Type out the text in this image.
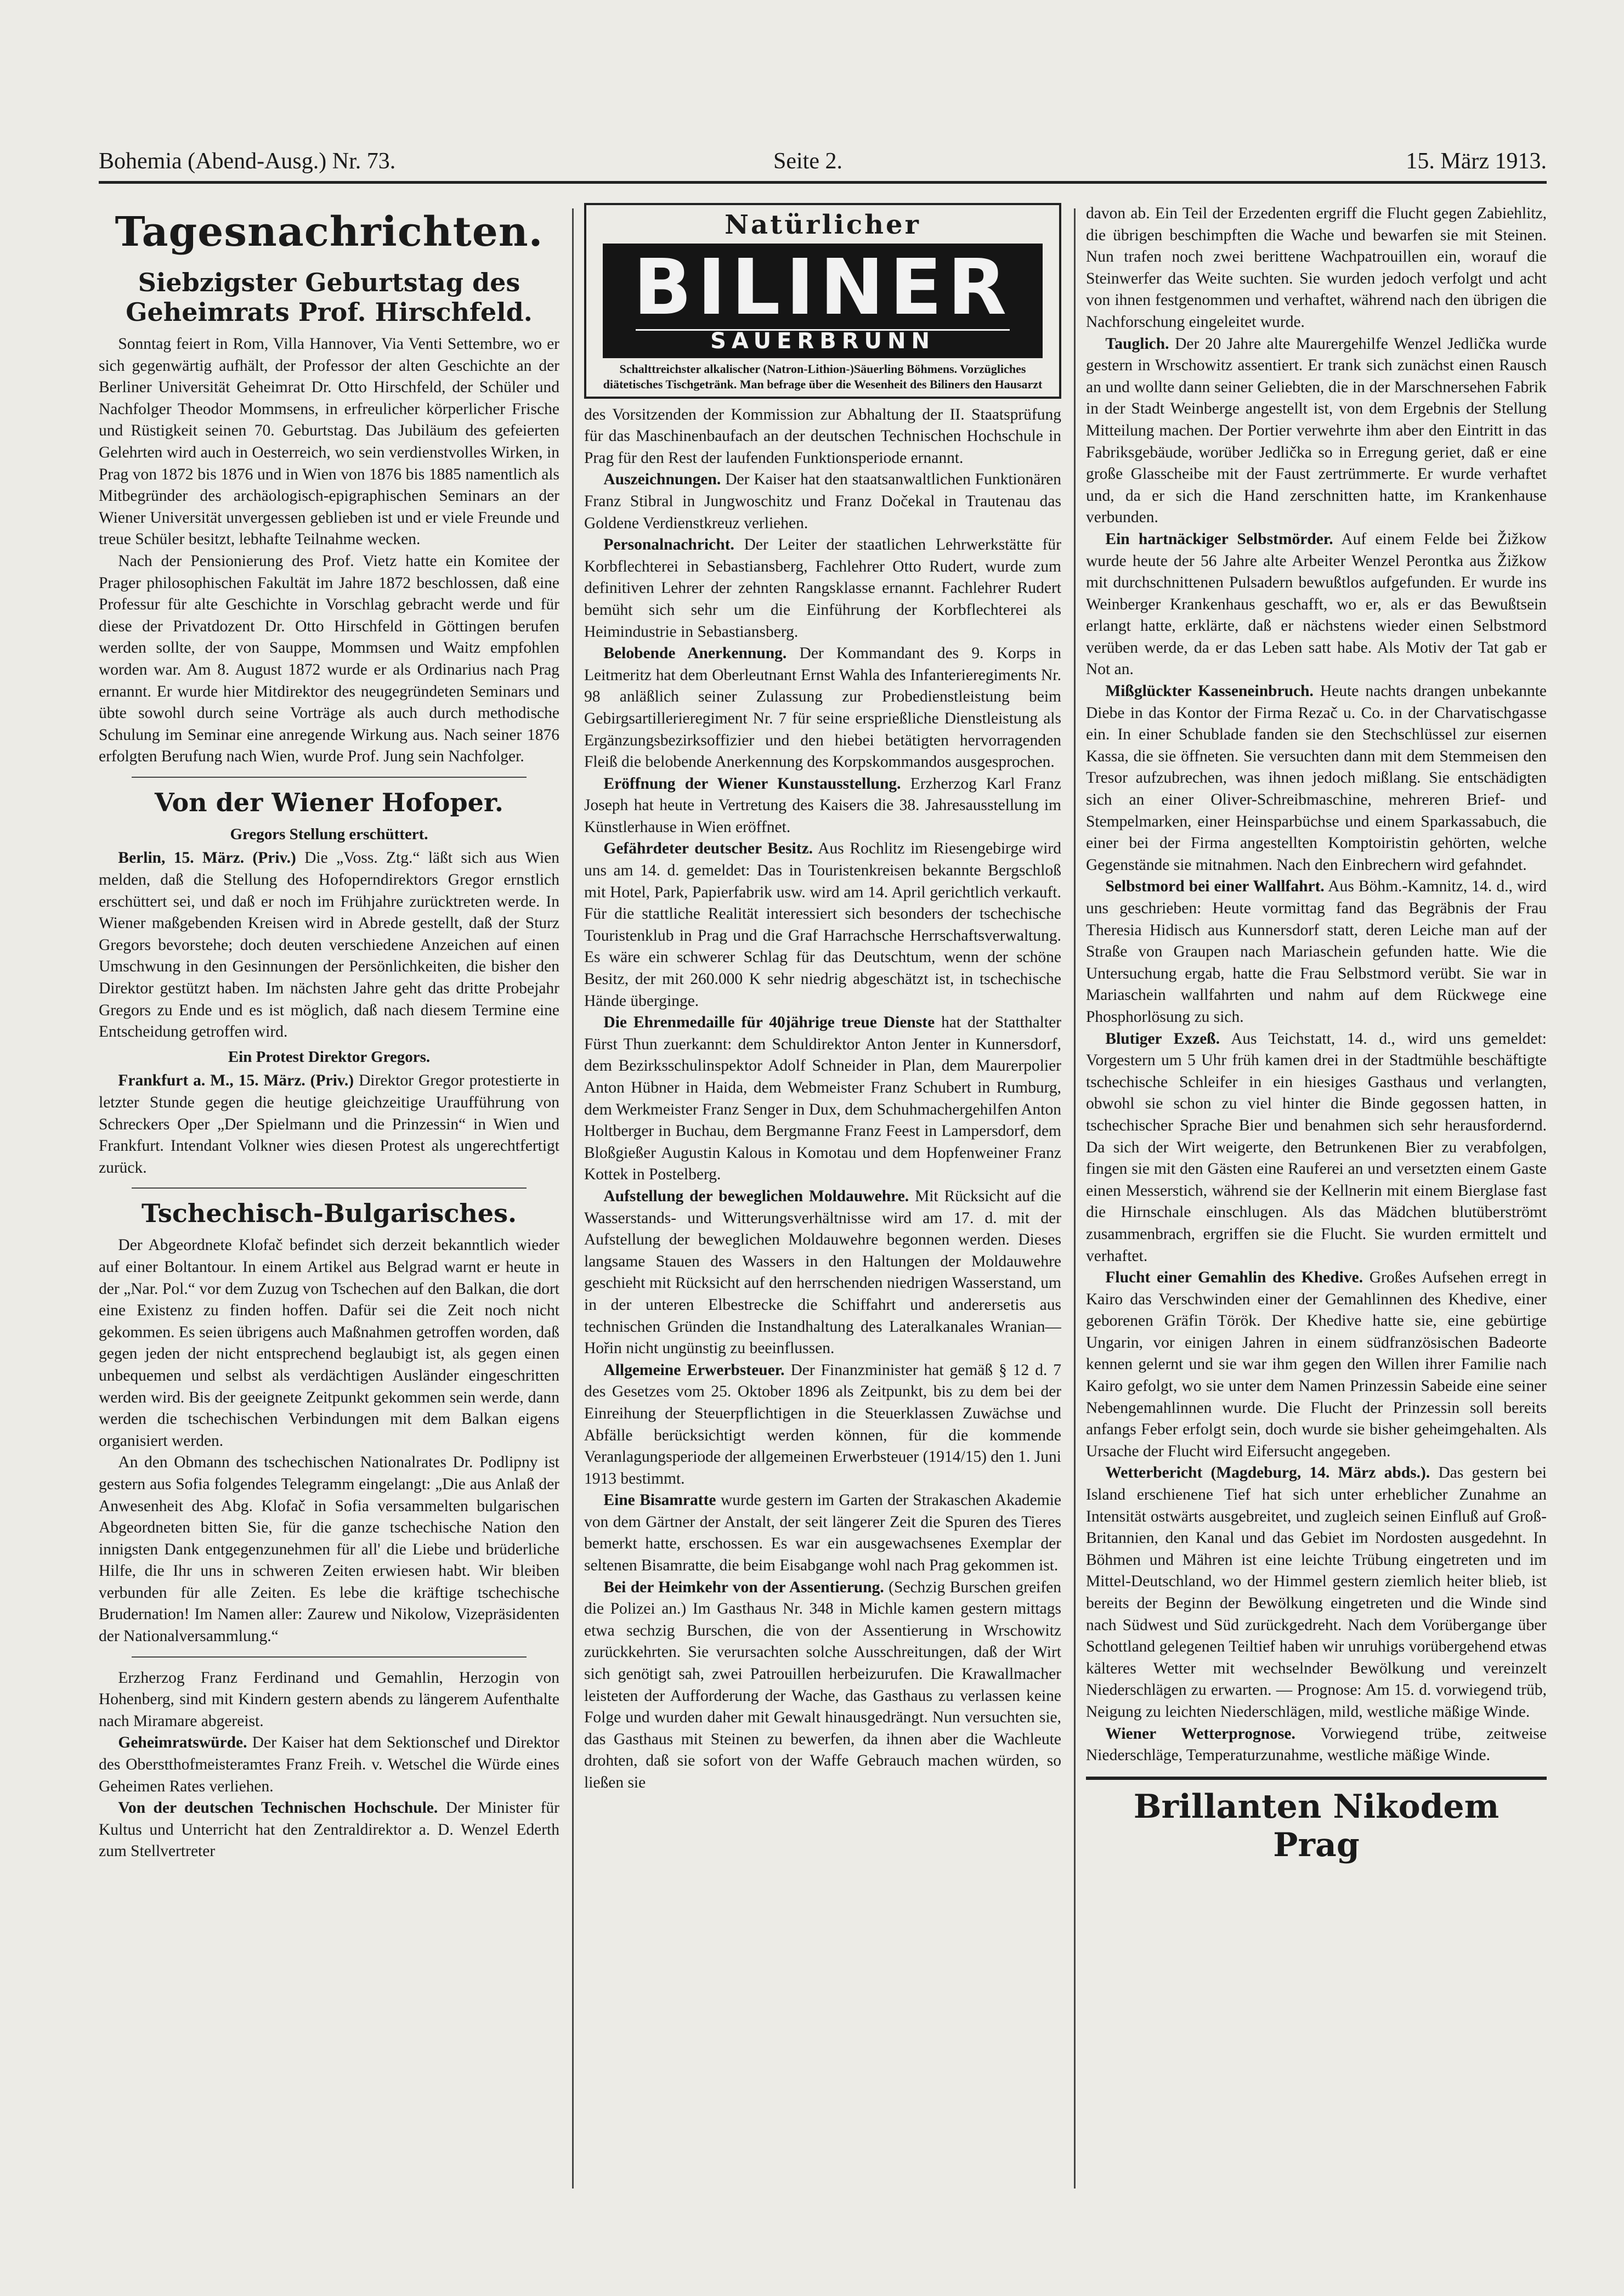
Bohemia (Abend-Ausg.) Nr. 73.	Seite 2.	15. März 1913.
Tagesnachrichten.
Siebzigster Geburtstag des Geheimrats Prof. Hirschfeld.

Sonntag feiert in Rom, Villa Hannover, Via Venti Settembre, wo er sich gegenwärtig aufhält, der Professor der alten Geschichte an der Berliner Universität Geheimrat Dr. Otto Hirschfeld, der Schüler und Nachfolger Theodor Mommsens, in erfreulicher körperlicher Frische und Rüstigkeit seinen 70. Geburtstag. Das Jubiläum des gefeierten Gelehrten wird auch in Oesterreich, wo sein verdienstvolles Wirken, in Prag von 1872 bis 1876 und in Wien von 1876 bis 1885 namentlich als Mitbegründer des archäologisch-epigraphischen Seminars an der Wiener Universität unvergessen geblieben ist und er viele Freunde und treue Schüler besitzt, lebhafte Teilnahme wecken.

Nach der Pensionierung des Prof. Vietz hatte ein Komitee der Prager philosophischen Fakultät im Jahre 1872 beschlossen, daß eine Professur für alte Geschichte in Vorschlag gebracht werde und für diese der Privatdozent Dr. Otto Hirschfeld in Göttingen berufen werden sollte, der von Sauppe, Mommsen und Waitz empfohlen worden war. Am 8. August 1872 wurde er als Ordinarius nach Prag ernannt. Er wurde hier Mitdirektor des neugegründeten Seminars und übte sowohl durch seine Vorträge als auch durch methodische Schulung im Seminar eine anregende Wirkung aus. Nach seiner 1876 erfolgten Berufung nach Wien, wurde Prof. Jung sein Nachfolger.

Von der Wiener Hofoper.
Gregors Stellung erschüttert.

Berlin, 15. März. (Priv.) Die „Voss. Ztg.“ läßt sich aus Wien melden, daß die Stellung des Hofoperndirektors Gregor ernstlich erschüttert sei, und daß er noch im Frühjahre zurücktreten werde. In Wiener maßgebenden Kreisen wird in Abrede gestellt, daß der Sturz Gregors bevorstehe; doch deuten verschiedene Anzeichen auf einen Umschwung in den Gesinnungen der Persönlichkeiten, die bisher den Direktor gestützt haben. Im nächsten Jahre geht das dritte Probejahr Gregors zu Ende und es ist möglich, daß nach diesem Termine eine Entscheidung getroffen wird.

Ein Protest Direktor Gregors.

Frankfurt a. M., 15. März. (Priv.) Direktor Gregor protestierte in letzter Stunde gegen die heutige gleichzeitige Uraufführung von Schreckers Oper „Der Spielmann und die Prinzessin“ in Wien und Frankfurt. Intendant Volkner wies diesen Protest als ungerechtfertigt zurück.

Tschechisch-Bulgarisches.

Der Abgeordnete Klofač befindet sich derzeit bekanntlich wieder auf einer Boltantour. In einem Artikel aus Belgrad warnt er heute in der „Nar. Pol.“ vor dem Zuzug von Tschechen auf den Balkan, die dort eine Existenz zu finden hoffen. Dafür sei die Zeit noch nicht gekommen. Es seien übrigens auch Maßnahmen getroffen worden, daß gegen jeden der nicht entsprechend beglaubigt ist, als gegen einen unbequemen und selbst als verdächtigen Ausländer eingeschritten werden wird. Bis der geeignete Zeitpunkt gekommen sein werde, dann werden die tschechischen Verbindungen mit dem Balkan eigens organisiert werden.

An den Obmann des tschechischen Nationalrates Dr. Podlipny ist gestern aus Sofia folgendes Telegramm eingelangt: „Die aus Anlaß der Anwesenheit des Abg. Klofač in Sofia versammelten bulgarischen Abgeordneten bitten Sie, für die ganze tschechische Nation den innigsten Dank entgegenzunehmen für all' die Liebe und brüderliche Hilfe, die Ihr uns in schweren Zeiten erwiesen habt. Wir bleiben verbunden für alle Zeiten. Es lebe die kräftige tschechische Brudernation! Im Namen aller: Zaurew und Nikolow, Vizepräsidenten der Nationalversammlung.“

Erzherzog Franz Ferdinand und Gemahlin, Herzogin von Hohenberg, sind mit Kindern gestern abends zu längerem Aufenthalte nach Miramare abgereist.

Geheimratswürde. Der Kaiser hat dem Sektionschef und Direktor des Oberstthofmeisteramtes Franz Freih. v. Wetschel die Würde eines Geheimen Rates verliehen.

Von der deutschen Technischen Hochschule. Der Minister für Kultus und Unterricht hat den Zentraldirektor a. D. Wenzel Ederth zum Stellvertreter

Natürlicher
BILINER
SAUERBRUNN
Schalttreichster alkalischer (Natron-Lithion-)Säuerling Böhmens. Vorzügliches diätetisches Tischgetränk. Man befrage über die Wesenheit des Biliners den Hausarzt

des Vorsitzenden der Kommission zur Abhaltung der II. Staatsprüfung für das Maschinenbaufach an der deutschen Technischen Hochschule in Prag für den Rest der laufenden Funktionsperiode ernannt.

Auszeichnungen. Der Kaiser hat den staatsanwaltlichen Funktionären Franz Stibral in Jungwoschitz und Franz Dočekal in Trautenau das Goldene Verdienstkreuz verliehen.

Personalnachricht. Der Leiter der staatlichen Lehrwerkstätte für Korbflechterei in Sebastiansberg, Fachlehrer Otto Rudert, wurde zum definitiven Lehrer der zehnten Rangsklasse ernannt. Fachlehrer Rudert bemüht sich sehr um die Einführung der Korbflechterei als Heimindustrie in Sebastiansberg.

Belobende Anerkennung. Der Kommandant des 9. Korps in Leitmeritz hat dem Oberleutnant Ernst Wahla des Infanterieregiments Nr. 98 anläßlich seiner Zulassung zur Probedienstleistung beim Gebirgsartillerieregiment Nr. 7 für seine ersprießliche Dienstleistung als Ergänzungsbezirksoffizier und den hiebei betätigten hervorragenden Fleiß die belobende Anerkennung des Korpskommandos ausgesprochen.

Eröffnung der Wiener Kunstausstellung. Erzherzog Karl Franz Joseph hat heute in Vertretung des Kaisers die 38. Jahresausstellung im Künstlerhause in Wien eröffnet.

Gefährdeter deutscher Besitz. Aus Rochlitz im Riesengebirge wird uns am 14. d. gemeldet: Das in Touristenkreisen bekannte Bergschloß mit Hotel, Park, Papierfabrik usw. wird am 14. April gerichtlich verkauft. Für die stattliche Realität interessiert sich besonders der tschechische Touristenklub in Prag und die Graf Harrachsche Herrschaftsverwaltung. Es wäre ein schwerer Schlag für das Deutschtum, wenn der schöne Besitz, der mit 260.000 K sehr niedrig abgeschätzt ist, in tschechische Hände überginge.

Die Ehrenmedaille für 40jährige treue Dienste hat der Statthalter Fürst Thun zuerkannt: dem Schuldirektor Anton Jenter in Kunnersdorf, dem Bezirksschulinspektor Adolf Schneider in Plan, dem Maurerpolier Anton Hübner in Haida, dem Webmeister Franz Schubert in Rumburg, dem Werkmeister Franz Senger in Dux, dem Schuhmachergehilfen Anton Holtberger in Buchau, dem Bergmanne Franz Feest in Lampersdorf, dem Bloßgießer Augustin Kalous in Komotau und dem Hopfenweiner Franz Kottek in Postelberg.

Aufstellung der beweglichen Moldauwehre. Mit Rücksicht auf die Wasserstands- und Witterungsverhältnisse wird am 17. d. mit der Aufstellung der beweglichen Moldauwehre begonnen werden. Dieses langsame Stauen des Wassers in den Haltungen der Moldauwehre geschieht mit Rücksicht auf den herrschenden niedrigen Wasserstand, um in der unteren Elbestrecke die Schiffahrt und anderersetis aus technischen Gründen die Instandhaltung des Lateralkanales Wranian—Hořin nicht ungünstig zu beeinflussen.

Allgemeine Erwerbsteuer. Der Finanzminister hat gemäß § 12 d. 7 des Gesetzes vom 25. Oktober 1896 als Zeitpunkt, bis zu dem bei der Einreihung der Steuerpflichtigen in die Steuerklassen Zuwächse und Abfälle berücksichtigt werden können, für die kommende Veranlagungsperiode der allgemeinen Erwerbsteuer (1914/15) den 1. Juni 1913 bestimmt.

Eine Bisamratte wurde gestern im Garten der Strakaschen Akademie von dem Gärtner der Anstalt, der seit längerer Zeit die Spuren des Tieres bemerkt hatte, erschossen. Es war ein ausgewachsenes Exemplar der seltenen Bisamratte, die beim Eisabgange wohl nach Prag gekommen ist.

Bei der Heimkehr von der Assentierung. (Sechzig Burschen greifen die Polizei an.) Im Gasthaus Nr. 348 in Michle kamen gestern mittags etwa sechzig Burschen, die von der Assentierung in Wrschowitz zurückkehrten. Sie verursachten solche Ausschreitungen, daß der Wirt sich genötigt sah, zwei Patrouillen herbeizurufen. Die Krawallmacher leisteten der Aufforderung der Wache, das Gasthaus zu verlassen keine Folge und wurden daher mit Gewalt hinausgedrängt. Nun versuchten sie, das Gasthaus mit Steinen zu bewerfen, da ihnen aber die Wachleute drohten, daß sie sofort von der Waffe Gebrauch machen würden, so ließen sie

davon ab. Ein Teil der Erzedenten ergriff die Flucht gegen Zabiehlitz, die übrigen beschimpften die Wache und bewarfen sie mit Steinen. Nun trafen noch zwei berittene Wachpatrouillen ein, worauf die Steinwerfer das Weite suchten. Sie wurden jedoch verfolgt und acht von ihnen festgenommen und verhaftet, während nach den übrigen die Nachforschung eingeleitet wurde.

Tauglich. Der 20 Jahre alte Maurergehilfe Wenzel Jedlička wurde gestern in Wrschowitz assentiert. Er trank sich zunächst einen Rausch an und wollte dann seiner Geliebten, die in der Marschnersehen Fabrik in der Stadt Weinberge angestellt ist, von dem Ergebnis der Stellung Mitteilung machen. Der Portier verwehrte ihm aber den Eintritt in das Fabriksgebäude, worüber Jedlička so in Erregung geriet, daß er eine große Glasscheibe mit der Faust zertrümmerte. Er wurde verhaftet und, da er sich die Hand zerschnitten hatte, im Krankenhause verbunden.

Ein hartnäckiger Selbstmörder. Auf einem Felde bei Žižkow wurde heute der 56 Jahre alte Arbeiter Wenzel Perontka aus Žižkow mit durchschnittenen Pulsadern bewußtlos aufgefunden. Er wurde ins Weinberger Krankenhaus geschafft, wo er, als er das Bewußtsein erlangt hatte, erklärte, daß er nächstens wieder einen Selbstmord verüben werde, da er das Leben satt habe. Als Motiv der Tat gab er Not an.

Mißglückter Kasseneinbruch. Heute nachts drangen unbekannte Diebe in das Kontor der Firma Rezač u. Co. in der Charvatischgasse ein. In einer Schublade fanden sie den Stechschlüssel zur eisernen Kassa, die sie öffneten. Sie versuchten dann mit dem Stemmeisen den Tresor aufzubrechen, was ihnen jedoch mißlang. Sie entschädigten sich an einer Oliver-Schreibmaschine, mehreren Brief- und Stempelmarken, einer Heinsparbüchse und einem Sparkassabuch, die einer bei der Firma angestellten Komptoiristin gehörten, welche Gegenstände sie mitnahmen. Nach den Einbrechern wird gefahndet.

Selbstmord bei einer Wallfahrt. Aus Böhm.-Kamnitz, 14. d., wird uns geschrieben: Heute vormittag fand das Begräbnis der Frau Theresia Hidisch aus Kunnersdorf statt, deren Leiche man auf der Straße von Graupen nach Mariaschein gefunden hatte. Wie die Untersuchung ergab, hatte die Frau Selbstmord verübt. Sie war in Mariaschein wallfahrten und nahm auf dem Rückwege eine Phosphorlösung zu sich.

Blutiger Exzeß. Aus Teichstatt, 14. d., wird uns gemeldet: Vorgestern um 5 Uhr früh kamen drei in der Stadtmühle beschäftigte tschechische Schleifer in ein hiesiges Gasthaus und verlangten, obwohl sie schon zu viel hinter die Binde gegossen hatten, in tschechischer Sprache Bier und benahmen sich sehr herausfordernd. Da sich der Wirt weigerte, den Betrunkenen Bier zu verabfolgen, fingen sie mit den Gästen eine Rauferei an und versetzten einem Gaste einen Messerstich, während sie der Kellnerin mit einem Bierglase fast die Hirnschale einschlugen. Als das Mädchen blutüberströmt zusammenbrach, ergriffen sie die Flucht. Sie wurden ermittelt und verhaftet.

Flucht einer Gemahlin des Khedive. Großes Aufsehen erregt in Kairo das Verschwinden einer der Gemahlinnen des Khedive, einer geborenen Gräfin Török. Der Khedive hatte sie, eine gebürtige Ungarin, vor einigen Jahren in einem südfranzösischen Badeorte kennen gelernt und sie war ihm gegen den Willen ihrer Familie nach Kairo gefolgt, wo sie unter dem Namen Prinzessin Sabeide eine seiner Nebengemahlinnen wurde. Die Flucht der Prinzessin soll bereits anfangs Feber erfolgt sein, doch wurde sie bisher geheimgehalten. Als Ursache der Flucht wird Eifersucht angegeben.

Wetterbericht (Magdeburg, 14. März abds.). Das gestern bei Island erschienene Tief hat sich unter erheblicher Zunahme an Intensität ostwärts ausgebreitet, und zugleich seinen Einfluß auf Groß-Britannien, den Kanal und das Gebiet im Nordosten ausgedehnt. In Böhmen und Mähren ist eine leichte Trübung eingetreten und im Mittel-Deutschland, wo der Himmel gestern ziemlich heiter blieb, ist bereits der Beginn der Bewölkung eingetreten und die Winde sind nach Südwest und Süd zurückgedreht. Nach dem Vorübergange über Schottland gelegenen Teiltief haben wir unruhigs vorübergehend etwas kälteres Wetter mit wechselnder Bewölkung und vereinzelt Niederschlägen zu erwarten. — Prognose: Am 15. d. vorwiegend trüb, Neigung zu leichten Niederschlägen, mild, westliche mäßige Winde.

Wiener Wetterprognose. Vorwiegend trübe, zeitweise Niederschläge, Temperaturzunahme, westliche mäßige Winde.

Brillanten Nikodem Prag
